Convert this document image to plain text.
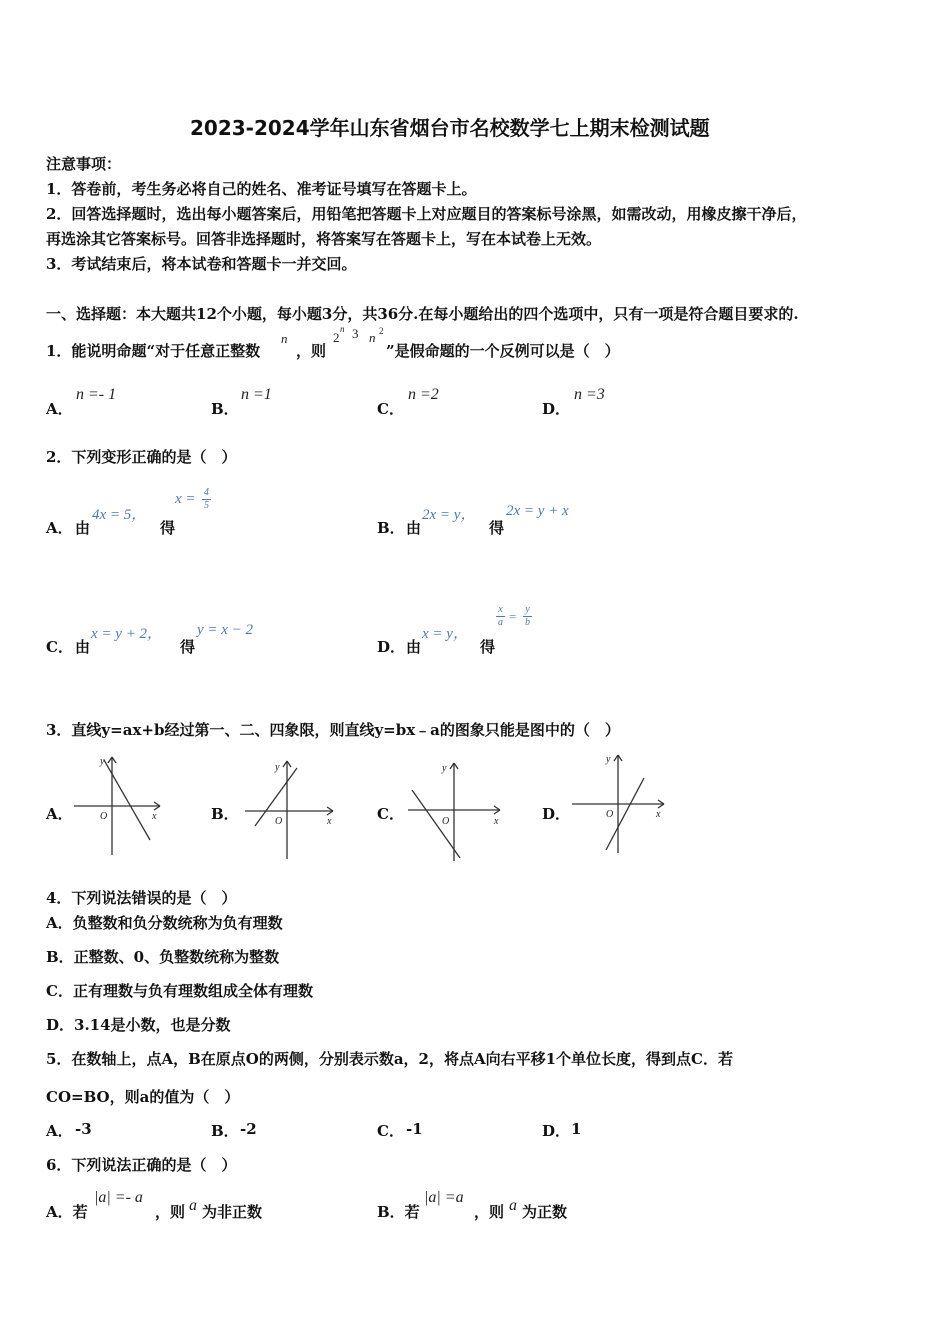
2023-2024学年山东省烟台市名校数学七上期末检测试题
注意事项：
1．答卷前，考生务必将自己的姓名、准考证号填写在答题卡上。
2．回答选择题时，选出每小题答案后，用铅笔把答题卡上对应题目的答案标号涂黑，如需改动，用橡皮擦干净后，
再选涂其它答案标号。回答非选择题时，将答案写在答题卡上，写在本试卷上无效。
3．考试结束后，将本试卷和答题卡一并交回。
一、选择题：本大题共12个小题，每小题3分，共36分.在每小题给出的四个选项中，只有一项是符合题目要求的.
1．能说明命题“对于任意正整数
n
，则
2
n 3 n 2
”是假命题的一个反例可以是（　）
A．
n =- 1
B．
n =1
C．
n =2
D．
n =3
2．下列变形正确的是（　）
A． 由
4x = 5，
得
x = 4
5
B． 由
2x = y，
得
2x = y + x
C． 由
x = y + 2，
得
y = x − 2
D． 由
x = y，
得
x
a = y
b
3．直线y=ax+b经过第一、二、四象限，则直线y=bx﹣a的图象只能是图中的（　）
A．	x
y
O	B．	x
y
O	C．	x
y
O	D．	x
y
O
4．下列说法错误的是（　）
A．负整数和负分数统称为负有理数
B．正整数、0、负整数统称为整数
C．正有理数与负有理数组成全体有理数
D．3.14是小数，也是分数
5．在数轴上，点A，B在原点O的两侧，分别表示数a，2，将点A向右平移1个单位长度，得到点C．若
CO=BO，则a的值为（　）
A． -3	B． -2	C． -1	D． 1
6．下列说法正确的是（　）
A．若
|a| =- a
，则 a 为非正数	B．若
|a| =a
，则 a 为正数
